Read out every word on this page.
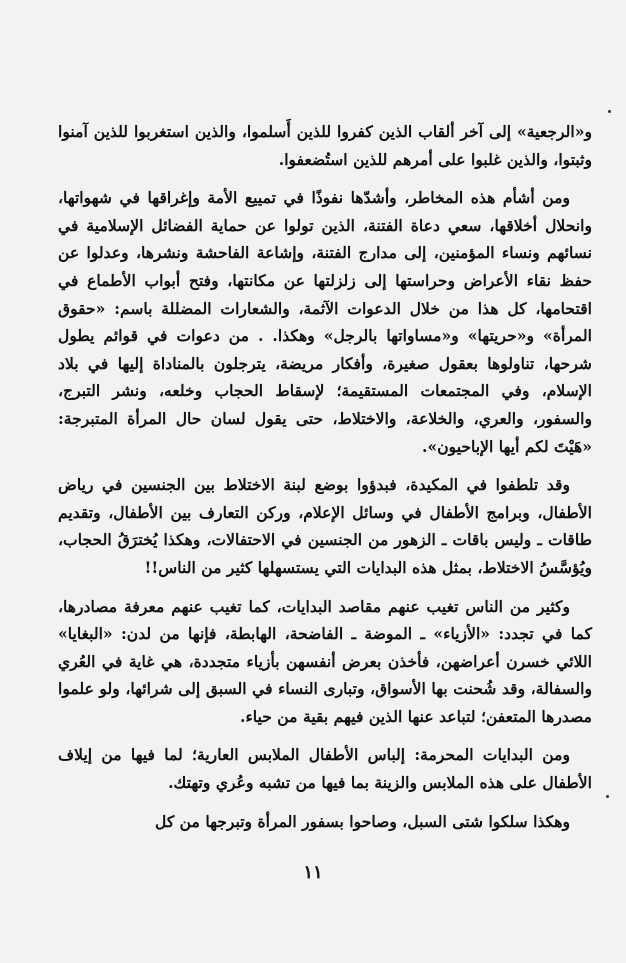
و«الرجعية» إلى آخر ألقاب الذين كفروا للذين أَسلموا، والذين استغربوا للذين آمنوا وثبتوا، والذين غلبوا على أمرهم للذين استُضعفوا.

ومن أشأم هذه المخاطر، وأشدّها نفوذًا في تمييع الأمة وإغراقها في شهواتها، وانحلال أخلاقها، سعي دعاة الفتنة، الذين تولوا عن حماية الفضائل الإسلامية في نسائهم ونساء المؤمنين، إلى مدارج الفتنة، وإشاعة الفاحشة ونشرها، وعدلوا عن حفظ نقاء الأعراض وحراستها إلى زلزلتها عن مكانتها، وفتح أبواب الأطماع في اقتحامها، كل هذا من خلال الدعوات الآثمة، والشعارات المضللة باسم: «حقوق المرأة» و«حريتها» و«مساواتها بالرجل» وهكذا. . من دعوات في قوائم يطول شرحها، تناولوها بعقول صغيرة، وأفكار مريضة، يترجلون بالمناداة إليها في بلاد الإسلام، وفي المجتمعات المستقيمة؛ لإسقاط الحجاب وخلعه، ونشر التبرج، والسفور، والعري، والخلاعة، والاختلاط، حتى يقول لسان حال المرأة المتبرجة: «هَيْتَ لكم أيها الإباحيون».

وقد تلطفوا في المكيدة، فبدؤوا بوضع لبنة الاختلاط بين الجنسين في رياض الأطفال، وبرامج الأطفال في وسائل الإعلام، وركن التعارف بين الأطفال، وتقديم طاقات ـ وليس باقات ـ الزهور من الجنسين في الاحتفالات، وهكذا يُخترَقُ الحجاب، ويُؤسَّسُ الاختلاط، بمثل هذه البدايات التي يستسهلها كثير من الناس!!

وكثير من الناس تغيب عنهم مقاصد البدايات، كما تغيب عنهم معرفة مصادرها، كما في تجدد: «الأزياء» ـ الموضة ـ الفاضحة، الهابطة، فإنها من لدن: «البغايا» اللائي خسرن أعراضهن، فأخذن بعرض أنفسهن بأزياء متجددة، هي غاية في العُري والسفالة، وقد شُحنت بها الأسواق، وتبارى النساء في السبق إلى شرائها، ولو علموا مصدرها المتعفن؛ لتباعد عنها الذين فيهم بقية من حياء.

ومن البدايات المحرمة: إلباس الأطفال الملابس العارية؛ لما فيها من إيلاف الأطفال على هذه الملابس والزينة بما فيها من تشبه وعُري وتهتك.

وهكذا سلكوا شتى السبل، وصاحوا بسفور المرأة وتبرجها من كل

١١
